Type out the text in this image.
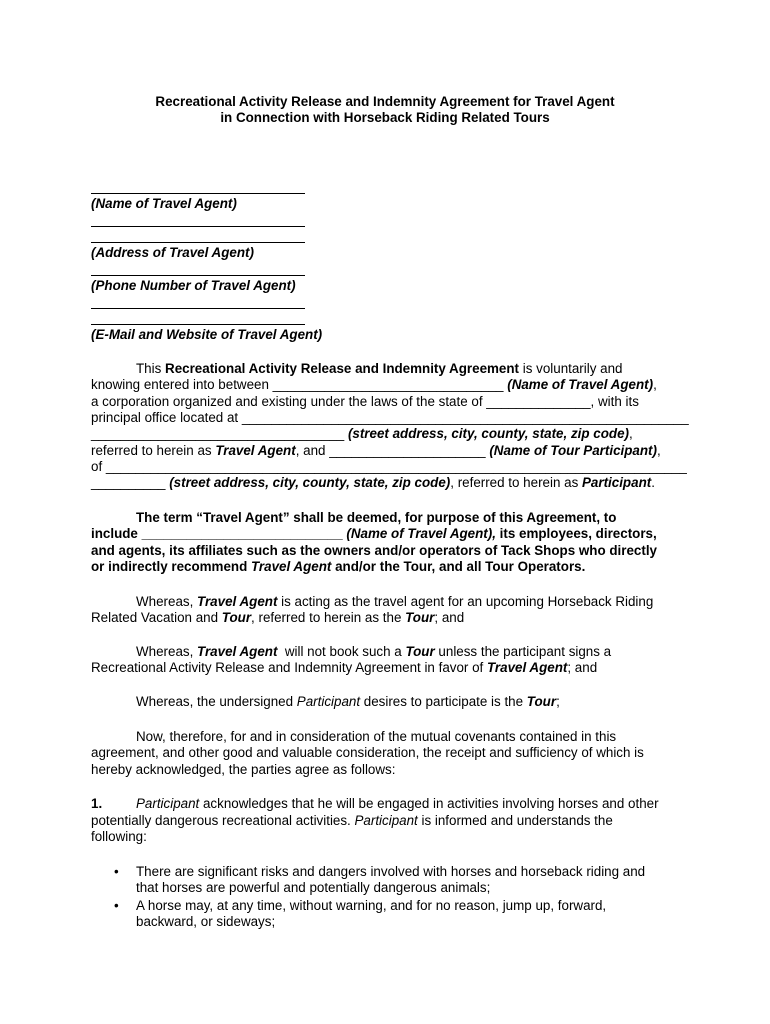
Recreational Activity Release and Indemnity Agreement for Travel Agent
in Connection with Horseback Riding Related Tours
(Name of Travel Agent)
(Address of Travel Agent)
(Phone Number of Travel Agent)
(E-Mail and Website of Travel Agent)
This Recreational Activity Release and Indemnity Agreement is voluntarily and
knowing entered into between _______________________________ (Name of Travel Agent),
a corporation organized and existing under the laws of the state of ______________, with its
principal office located at ____________________________________________________________
__________________________________ (street address, city, county, state, zip code),
referred to herein as Travel Agent, and _____________________ (Name of Tour Participant),
of ______________________________________________________________________________
__________ (street address, city, county, state, zip code), referred to herein as Participant.
The term “Travel Agent” shall be deemed, for purpose of this Agreement, to
include ___________________________ (Name of Travel Agent), its employees, directors,
and agents, its affiliates such as the owners and/or operators of Tack Shops who directly
or indirectly recommend Travel Agent and/or the Tour, and all Tour Operators.
Whereas, Travel Agent is acting as the travel agent for an upcoming Horseback Riding
Related Vacation and Tour, referred to herein as the Tour; and
Whereas, Travel Agent  will not book such a Tour unless the participant signs a
Recreational Activity Release and Indemnity Agreement in favor of Travel Agent; and
Whereas, the undersigned Participant desires to participate is the Tour;
Now, therefore, for and in consideration of the mutual covenants contained in this
agreement, and other good and valuable consideration, the receipt and sufficiency of which is
hereby acknowledged, the parties agree as follows:
1.	Participant acknowledges that he will be engaged in activities involving horses and other
potentially dangerous recreational activities. Participant is informed and understands the
following:
• There are significant risks and dangers involved with horses and horseback riding and
that horses are powerful and potentially dangerous animals;
• A horse may, at any time, without warning, and for no reason, jump up, forward,
backward, or sideways;
